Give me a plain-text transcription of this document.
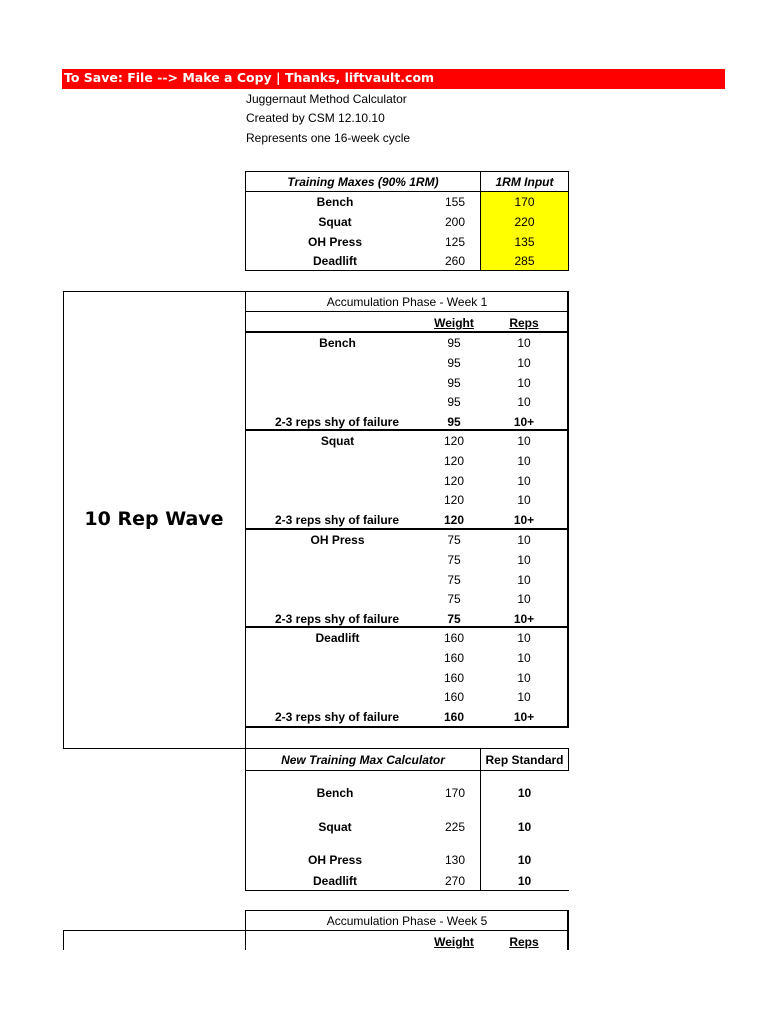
To Save: File --> Make a Copy | Thanks, liftvault.com
Juggernaut Method Calculator
Created by CSM 12.10.10
Represents one 16-week cycle
Training Maxes (90% 1RM)	1RM Input
Bench	155	170
Squat	200	220
OH Press	125	135
Deadlift	260	285
10 Rep Wave
Accumulation Phase - Week 1
Weight	Reps
Bench	95	10
95	10
95	10
95	10
2-3 reps shy of failure	95	10+
Squat	120	10
120	10
120	10
120	10
2-3 reps shy of failure	120	10+
OH Press	75	10
75	10
75	10
75	10
2-3 reps shy of failure	75	10+
Deadlift	160	10
160	10
160	10
160	10
2-3 reps shy of failure	160	10+
New Training Max Calculator	Rep Standard
Bench	170	10
Squat	225	10
OH Press	130	10
Deadlift	270	10
Accumulation Phase - Week 5
Weight	Reps
